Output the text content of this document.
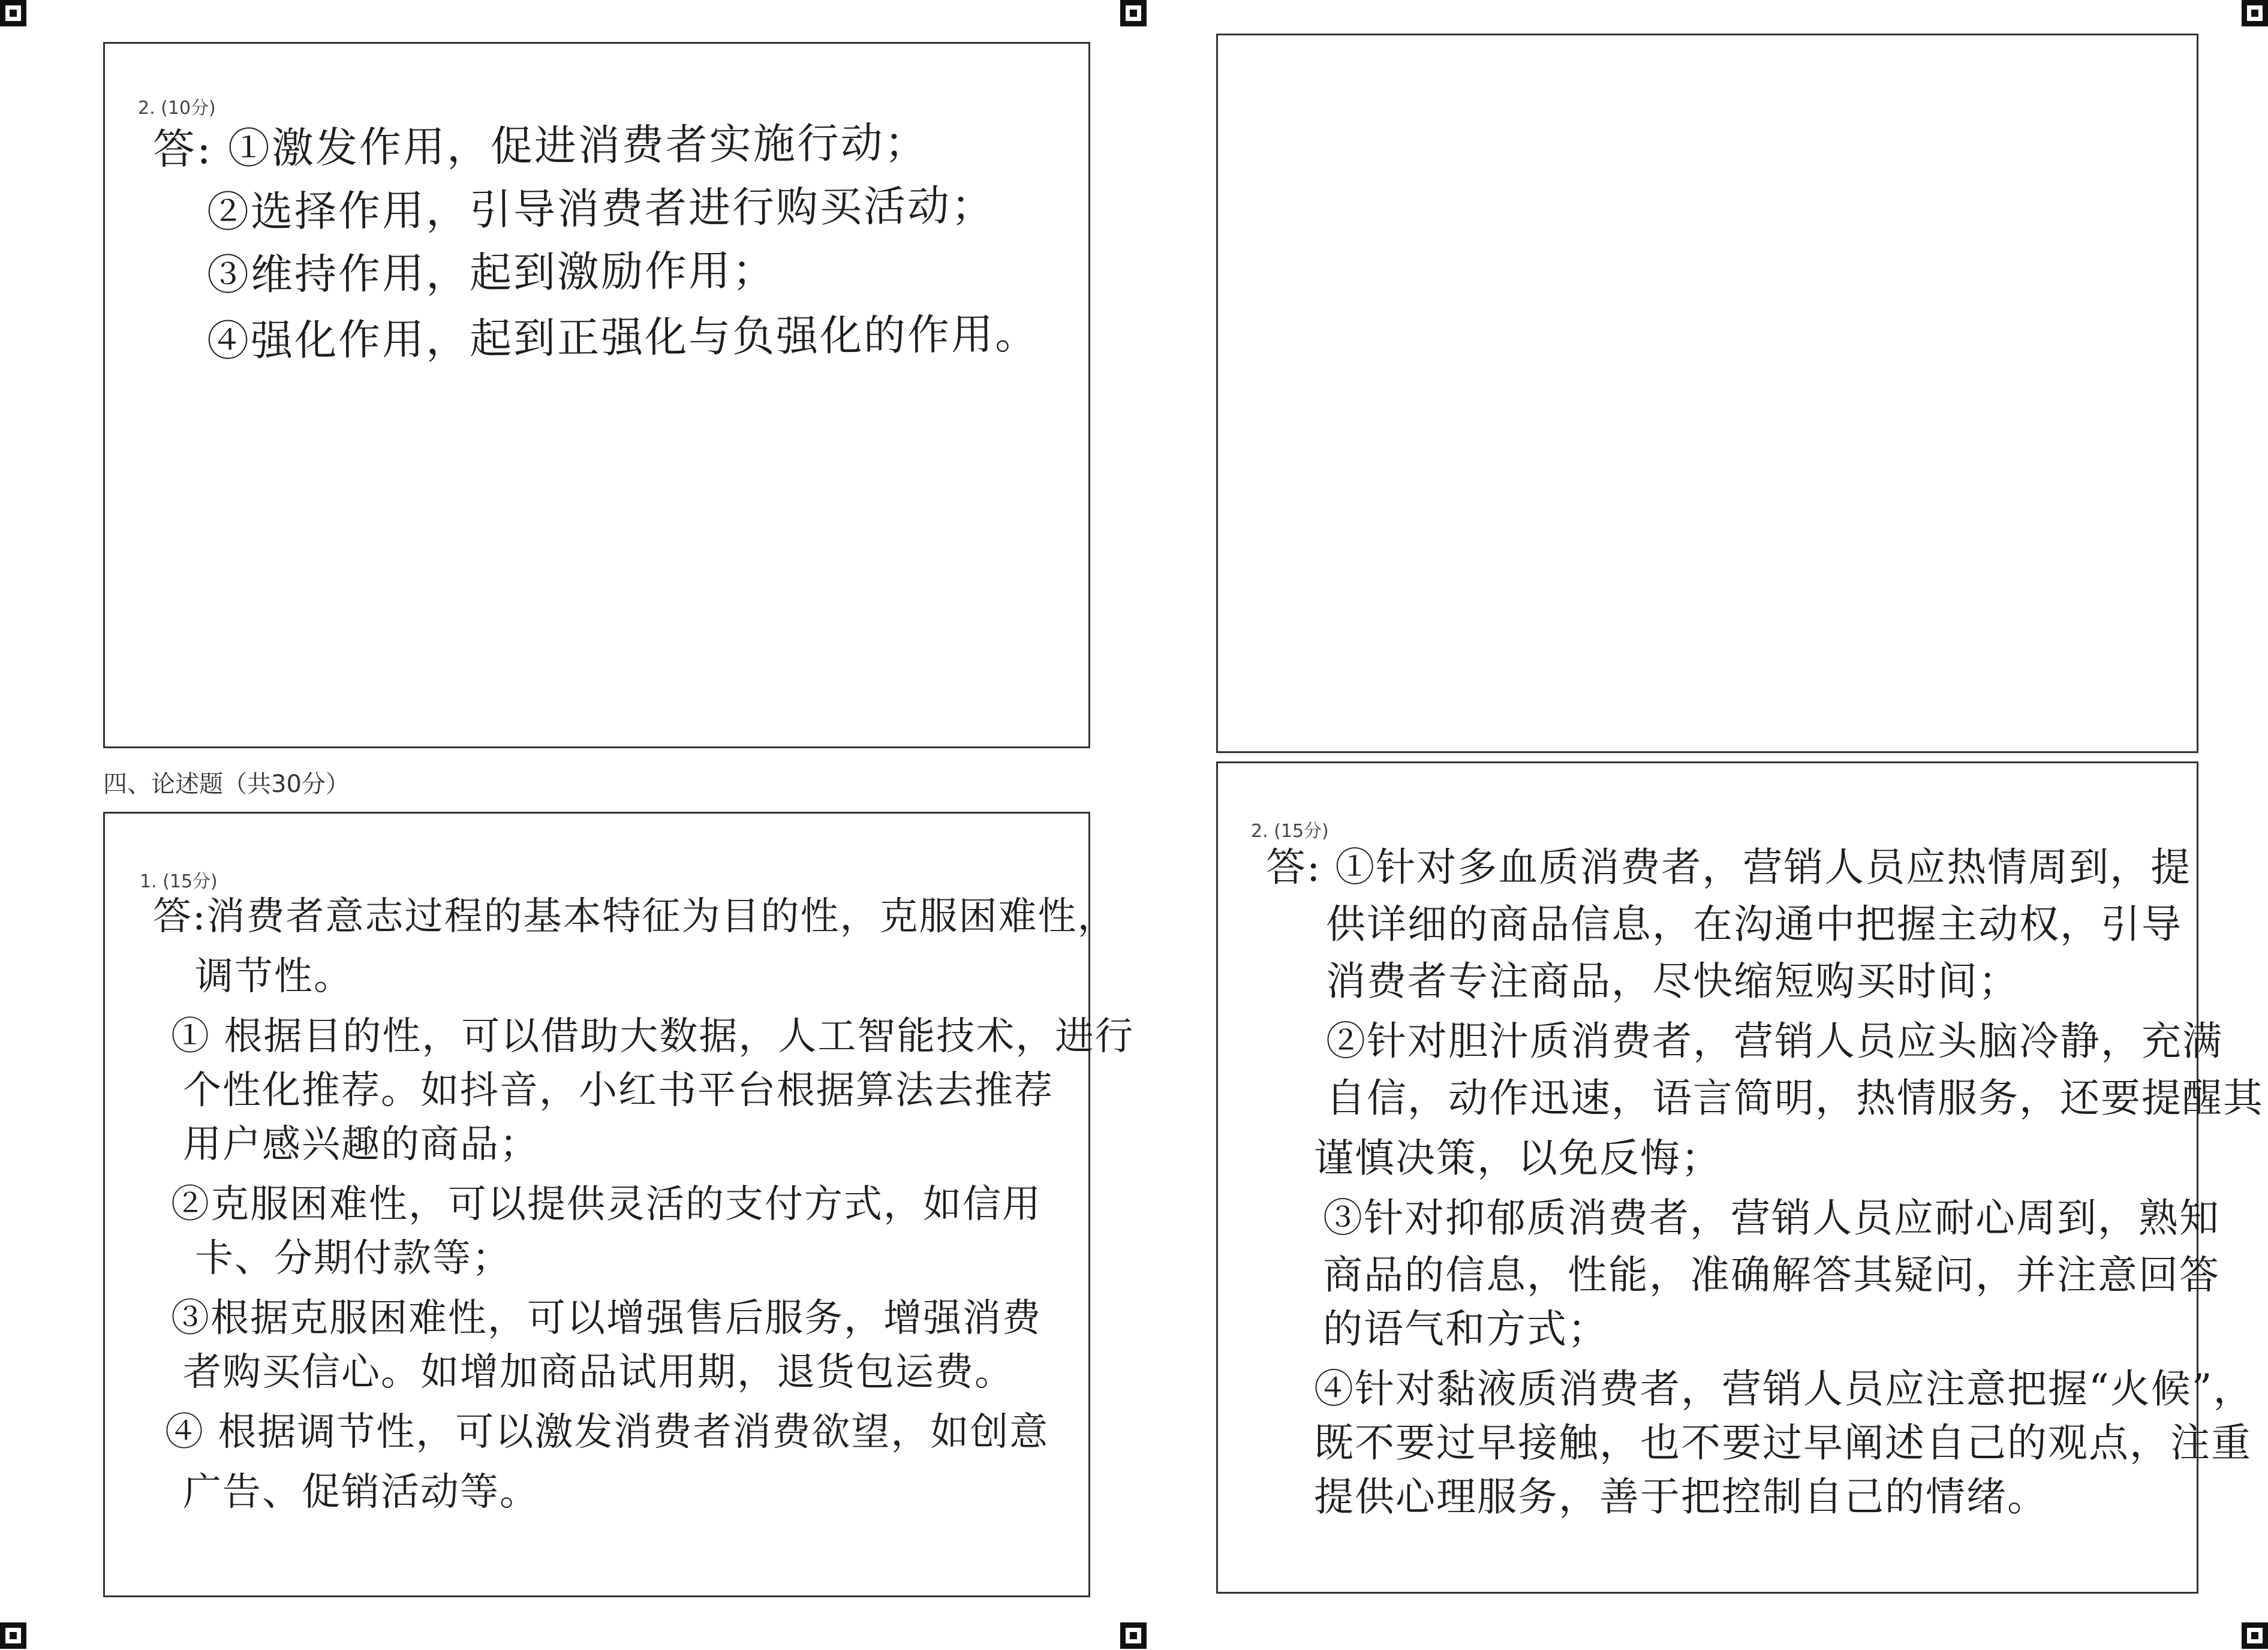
2. (10分)
答: ①激发作用，促进消费者实施行动；
②选择作用，引导消费者进行购买活动；
③维持作用，起到激励作用；
④强化作用，起到正强化与负强化的作用。
四、论述题（共30分）
1. (15分)
答:消费者意志过程的基本特征为目的性，克服困难性，
调节性。
① 根据目的性，可以借助大数据，人工智能技术，进行
个性化推荐。如抖音，小红书平台根据算法去推荐
用户感兴趣的商品；
②克服困难性，可以提供灵活的支付方式，如信用
卡、分期付款等；
③根据克服困难性，可以增强售后服务，增强消费
者购买信心。如增加商品试用期，退货包运费。
④ 根据调节性，可以激发消费者消费欲望，如创意
广告、促销活动等。
2. (15分)
答: ①针对多血质消费者，营销人员应热情周到，提
供详细的商品信息，在沟通中把握主动权，引导
消费者专注商品，尽快缩短购买时间；
②针对胆汁质消费者，营销人员应头脑冷静，充满
自信，动作迅速，语言简明，热情服务，还要提醒其
谨慎决策，以免反悔；
③针对抑郁质消费者，营销人员应耐心周到，熟知
商品的信息，性能，准确解答其疑问，并注意回答
的语气和方式；
④针对黏液质消费者，营销人员应注意把握“火候”，
既不要过早接触，也不要过早阐述自己的观点，注重
提供心理服务，善于把控制自己的情绪。
